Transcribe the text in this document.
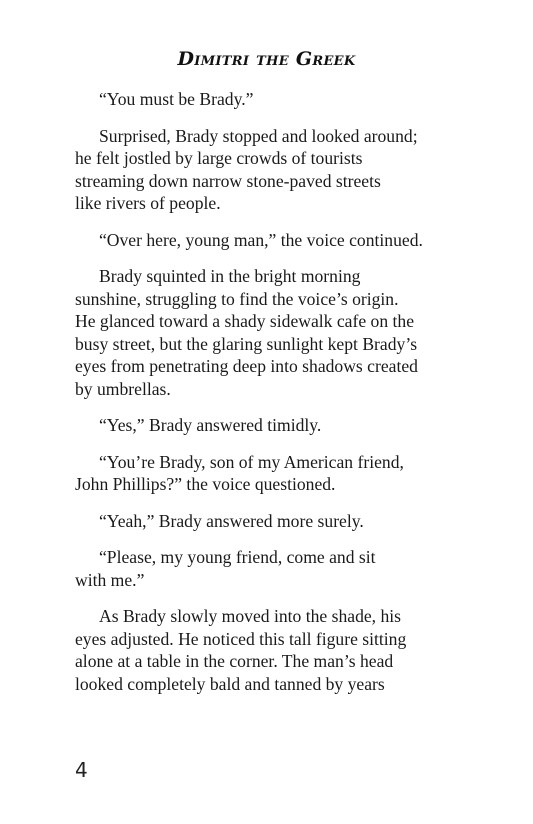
Dimitri the Greek

“You must be Brady.”

Surprised, Brady stopped and looked around;
he felt jostled by large crowds of tourists
streaming down narrow stone-paved streets
like rivers of people.

“Over here, young man,” the voice continued.

Brady squinted in the bright morning
sunshine, struggling to find the voice’s origin.
He glanced toward a shady sidewalk cafe on the
busy street, but the glaring sunlight kept Brady’s
eyes from penetrating deep into shadows created
by umbrellas.

“Yes,” Brady answered timidly.

“You’re Brady, son of my American friend,
John Phillips?” the voice questioned.

“Yeah,” Brady answered more surely.

“Please, my young friend, come and sit
with me.”

As Brady slowly moved into the shade, his
eyes adjusted. He noticed this tall figure sitting
alone at a table in the corner. The man’s head
looked completely bald and tanned by years

4
